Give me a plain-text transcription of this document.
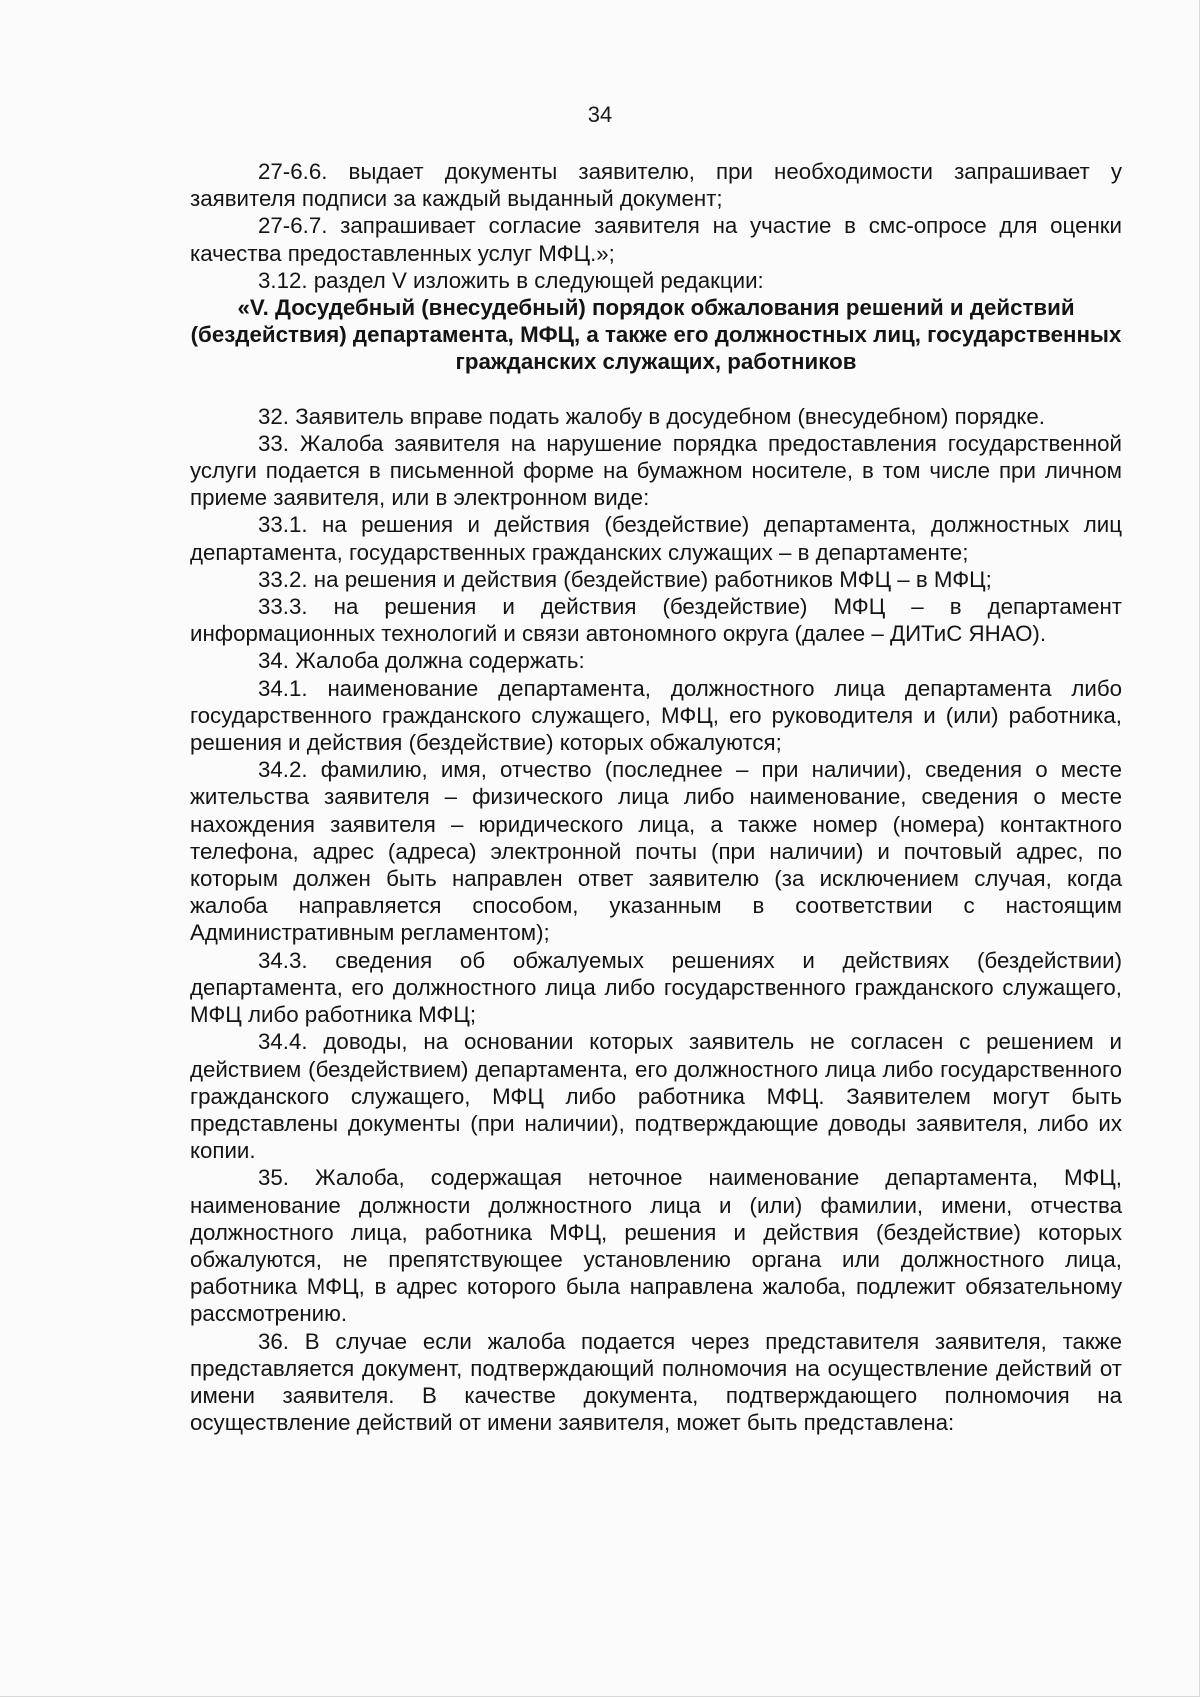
34

27-6.6. выдает документы заявителю, при необходимости запрашивает у заявителя подписи за каждый выданный документ;

27-6.7. запрашивает согласие заявителя на участие в смс-опросе для оценки качества предоставленных услуг МФЦ.»;

3.12. раздел V изложить в следующей редакции:

«V. Досудебный (внесудебный) порядок обжалования решений и действий (бездействия) департамента, МФЦ, а также его должностных лиц, государственных гражданских служащих, работников

32. Заявитель вправе подать жалобу в досудебном (внесудебном) порядке.

33. Жалоба заявителя на нарушение порядка предоставления государственной услуги подается в письменной форме на бумажном носителе, в том числе при личном приеме заявителя, или в электронном виде:

33.1. на решения и действия (бездействие) департамента, должностных лиц департамента, государственных гражданских служащих – в департаменте;

33.2. на решения и действия (бездействие) работников МФЦ – в МФЦ;

33.3. на решения и действия (бездействие) МФЦ – в департамент информационных технологий и связи автономного округа (далее – ДИТиС ЯНАО).

34. Жалоба должна содержать:

34.1. наименование департамента, должностного лица департамента либо государственного гражданского служащего, МФЦ, его руководителя и (или) работника, решения и действия (бездействие) которых обжалуются;

34.2. фамилию, имя, отчество (последнее – при наличии), сведения о месте жительства заявителя – физического лица либо наименование, сведения о месте нахождения заявителя – юридического лица, а также номер (номера) контактного телефона, адрес (адреса) электронной почты (при наличии) и почтовый адрес, по которым должен быть направлен ответ заявителю (за исключением случая, когда жалоба направляется способом, указанным в соответствии с настоящим Административным регламентом);

34.3. сведения об обжалуемых решениях и действиях (бездействии) департамента, его должностного лица либо государственного гражданского служащего, МФЦ либо работника МФЦ;

34.4. доводы, на основании которых заявитель не согласен с решением и действием (бездействием) департамента, его должностного лица либо государственного гражданского служащего, МФЦ либо работника МФЦ. Заявителем могут быть представлены документы (при наличии), подтверждающие доводы заявителя, либо их копии.

35. Жалоба, содержащая неточное наименование департамента, МФЦ, наименование должности должностного лица и (или) фамилии, имени, отчества должностного лица, работника МФЦ, решения и действия (бездействие) которых обжалуются, не препятствующее установлению органа или должностного лица, работника МФЦ, в адрес которого была направлена жалоба, подлежит обязательному рассмотрению.

36. В случае если жалоба подается через представителя заявителя, также представляется документ, подтверждающий полномочия на осуществление действий от имени заявителя. В качестве документа, подтверждающего полномочия на осуществление действий от имени заявителя, может быть представлена:
